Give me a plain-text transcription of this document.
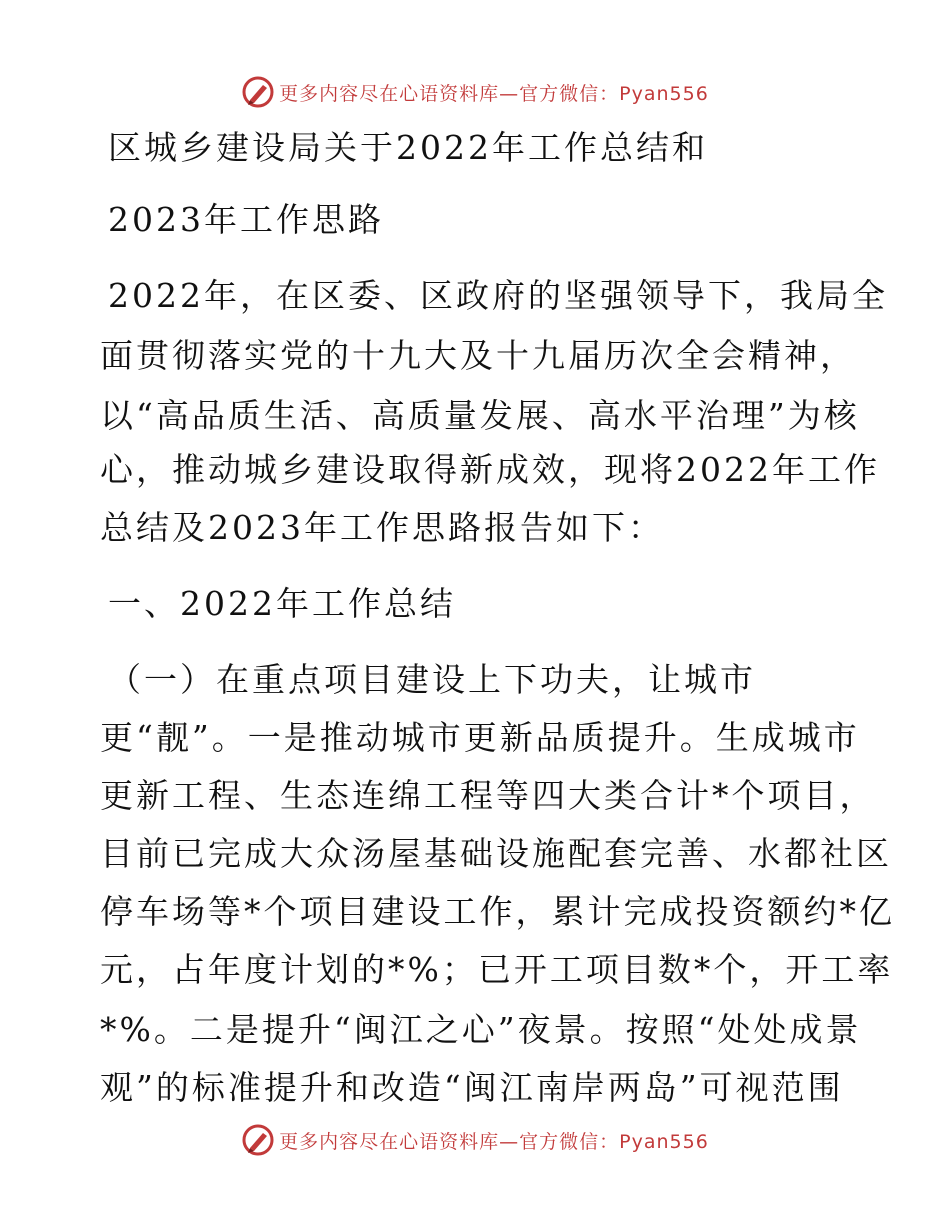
更多内容尽在心语资料库—官方微信：Pyan556
区城乡建设局关于2022年工作总结和
2023年工作思路
2022年，在区委、区政府的坚强领导下，我局全
面贯彻落实党的十九大及十九届历次全会精神，
以“高品质生活、高质量发展、高水平治理”为核
心，推动城乡建设取得新成效，现将2022年工作
总结及2023年工作思路报告如下：
一、2022年工作总结
（一）在重点项目建设上下功夫，让城市
更“靓”。一是推动城市更新品质提升。生成城市
更新工程、生态连绵工程等四大类合计*个项目，
目前已完成大众汤屋基础设施配套完善、水都社区
停车场等*个项目建设工作，累计完成投资额约*亿
元，占年度计划的*%；已开工项目数*个，开工率
*%。二是提升“闽江之心”夜景。按照“处处成景
观”的标准提升和改造“闽江南岸两岛”可视范围
更多内容尽在心语资料库—官方微信：Pyan556
